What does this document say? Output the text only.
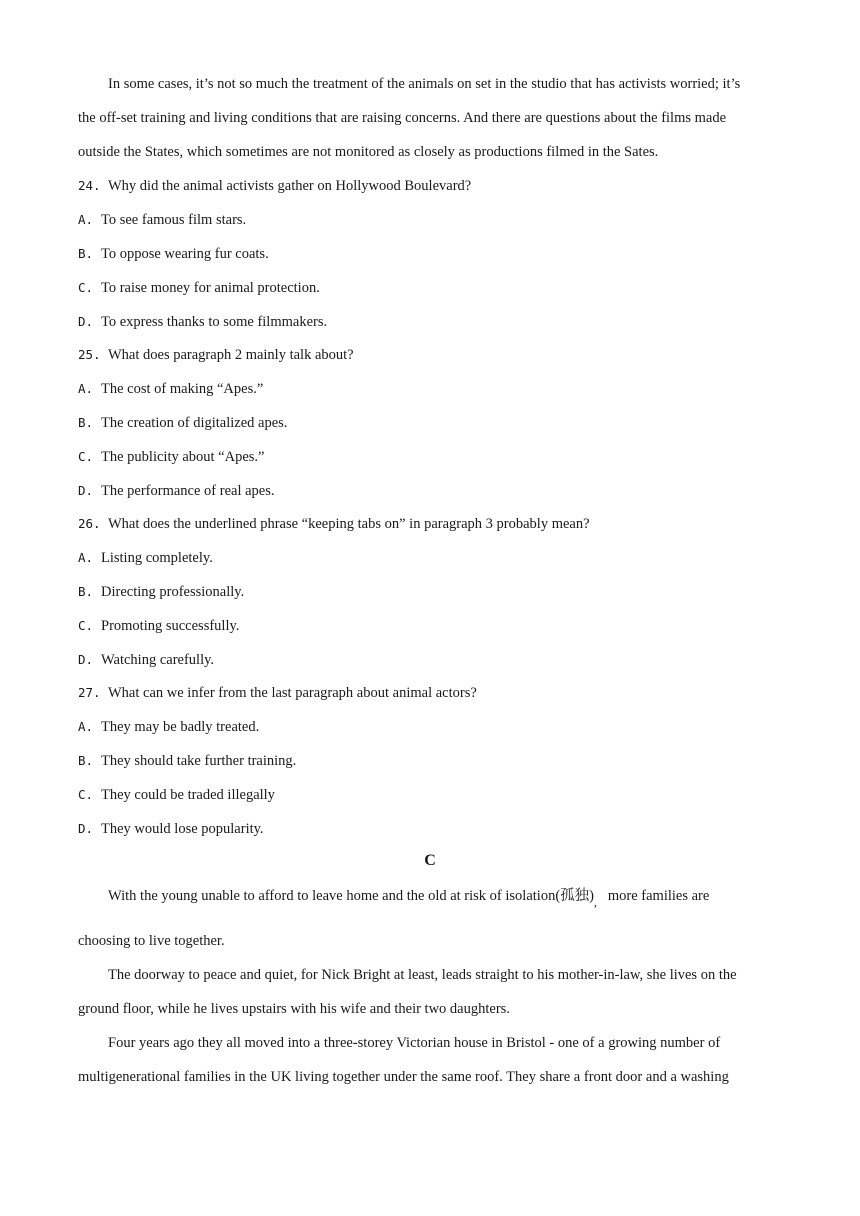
In some cases, it’s not so much the treatment of the animals on set in the studio that has activists worried; it’s
the off-set training and living conditions that are raising concerns. And there are questions about the films made
outside the States, which sometimes are not monitored as closely as productions filmed in the Sates.
24. Why did the animal activists gather on Hollywood Boulevard?
A. To see famous film stars.
B. To oppose wearing fur coats.
C. To raise money for animal protection.
D. To express thanks to some filmmakers.
25. What does paragraph 2 mainly talk about?
A. The cost of making “Apes.”
B. The creation of digitalized apes.
C. The publicity about “Apes.”
D. The performance of real apes.
26. What does the underlined phrase “keeping tabs on” in paragraph 3 probably mean?
A. Listing completely.
B. Directing professionally.
C. Promoting successfully.
D. Watching carefully.
27. What can we infer from the last paragraph about animal actors?
A. They may be badly treated.
B. They should take further training.
C. They could be traded illegally
D. They would lose popularity.
C
With the young unable to afford to leave home and the old at risk of isolation(孤独)$_,$ more families are
choosing to live together.
The doorway to peace and quiet, for Nick Bright at least, leads straight to his mother-in-law, she lives on the
ground floor, while he lives upstairs with his wife and their two daughters.
Four years ago they all moved into a three-storey Victorian house in Bristol - one of a growing number of
multigenerational families in the UK living together under the same roof. They share a front door and a washing
